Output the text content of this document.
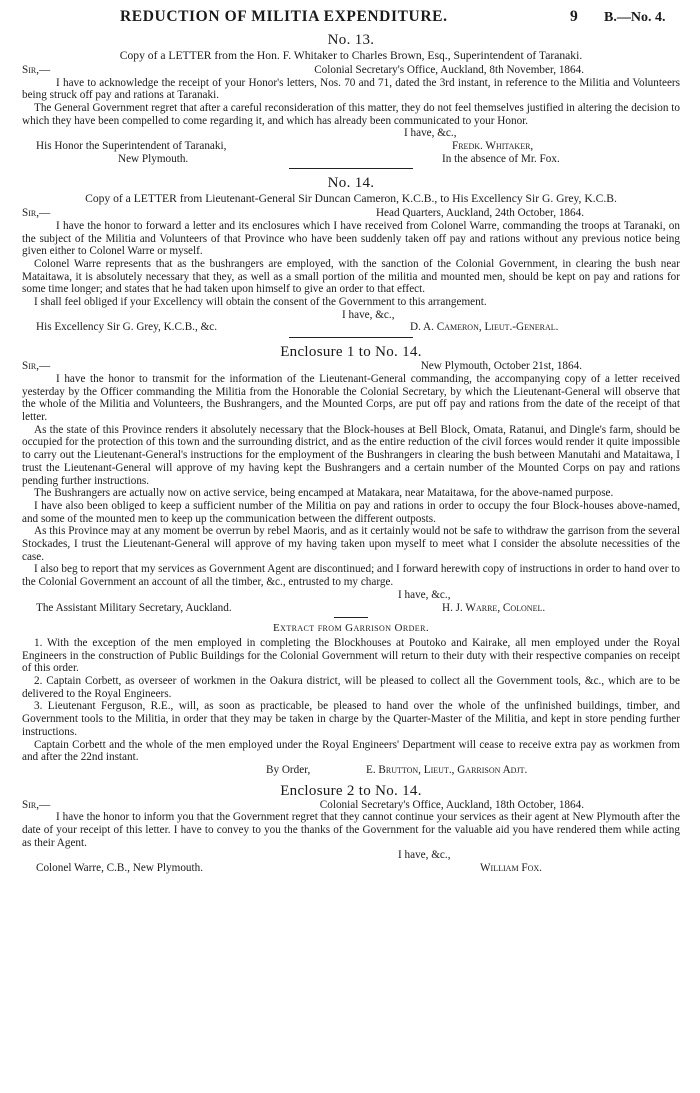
REDUCTION OF MILITIA EXPENDITURE.	9 B.—No. 4.
No. 13.
Copy of a LETTER from the Hon. F. Whitaker to Charles Brown, Esq., Superintendent of Taranaki.
Sir,—	Colonial Secretary's Office, Auckland, 8th November, 1864.

I have to acknowledge the receipt of your Honor's letters, Nos. 70 and 71, dated the 3rd instant, in reference to the Militia and Volunteers being struck off pay and rations at Taranaki.

The General Government regret that after a careful reconsideration of this matter, they do not feel themselves justified in altering the decision to which they have been compelled to come regarding it, and which has already been communicated to your Honor.

I have, &c.,
His Honor the Superintendent of Taranaki,	Fredk. Whitaker,
New Plymouth.	In the absence of Mr. Fox.
No. 14.
Copy of a LETTER from Lieutenant-General Sir Duncan Cameron, K.C.B., to His Excellency Sir G. Grey, K.C.B.
Sir,—	Head Quarters, Auckland, 24th October, 1864.

I have the honor to forward a letter and its enclosures which I have received from Colonel Warre, commanding the troops at Taranaki, on the subject of the Militia and Volunteers of that Province who have been suddenly taken off pay and rations without any previous notice being given either to Colonel Warre or myself.

Colonel Warre represents that as the bushrangers are employed, with the sanction of the Colonial Government, in clearing the bush near Mataitawa, it is absolutely necessary that they, as well as a small portion of the militia and mounted men, should be kept on pay and rations for some time longer; and states that he had taken upon himself to give an order to that effect.

I shall feel obliged if your Excellency will obtain the consent of the Government to this arrangement.

I have, &c.,
His Excellency Sir G. Grey, K.C.B., &c.	D. A. Cameron, Lieut.-General.
Enclosure 1 to No. 14.
Sir,—	New Plymouth, October 21st, 1864.

I have the honor to transmit for the information of the Lieutenant-General commanding, the accompanying copy of a letter received yesterday by the Officer commanding the Militia from the Honorable the Colonial Secretary, by which the Lieutenant-General will observe that the whole of the Militia and Volunteers, the Bushrangers, and the Mounted Corps, are put off pay and rations from the date of the receipt of that letter.

As the state of this Province renders it absolutely necessary that the Block-houses at Bell Block, Omata, Ratanui, and Dingle's farm, should be occupied for the protection of this town and the surrounding district, and as the entire reduction of the civil forces would render it quite impossible to carry out the Lieutenant-General's instructions for the employment of the Bushrangers in clearing the bush between Manutahi and Mataitawa, I trust the Lieutenant-General will approve of my having kept the Bushrangers and a certain number of the Mounted Corps on pay and rations pending further instructions.

The Bushrangers are actually now on active service, being encamped at Matakara, near Mataitawa, for the above-named purpose.

I have also been obliged to keep a sufficient number of the Militia on pay and rations in order to occupy the four Block-houses above-named, and some of the mounted men to keep up the communication between the different outposts.

As this Province may at any moment be overrun by rebel Maoris, and as it certainly would not be safe to withdraw the garrison from the several Stockades, I trust the Lieutenant-General will approve of my having taken upon myself to meet what I consider the absolute necessities of the case.

I also beg to report that my services as Government Agent are discontinued; and I forward herewith copy of instructions in order to hand over to the Colonial Government an account of all the timber, &c., entrusted to my charge.

I have, &c.,
The Assistant Military Secretary, Auckland.	H. J. Warre, Colonel.
Extract from Garrison Order.

1. With the exception of the men employed in completing the Blockhouses at Poutoko and Kairake, all men employed under the Royal Engineers in the construction of Public Buildings for the Colonial Government will return to their duty with their respective companies on receipt of this order.

2. Captain Corbett, as overseer of workmen in the Oakura district, will be pleased to collect all the Government tools, &c., which are to be delivered to the Royal Engineers.

3. Lieutenant Ferguson, R.E., will, as soon as practicable, be pleased to hand over the whole of the unfinished buildings, timber, and Government tools to the Militia, in order that they may be taken in charge by the Quarter-Master of the Militia, and kept in store pending further instructions.

Captain Corbett and the whole of the men employed under the Royal Engineers' Department will cease to receive extra pay as workmen from and after the 22nd instant.

By Order,	E. Brutton, Lieut., Garrison Adjt.
Enclosure 2 to No. 14.
Sir,—	Colonial Secretary's Office, Auckland, 18th October, 1864.

I have the honor to inform you that the Government regret that they cannot continue your services as their agent at New Plymouth after the date of your receipt of this letter. I have to convey to you the thanks of the Government for the valuable aid you have rendered them while acting as their Agent.

I have, &c.,
Colonel Warre, C.B., New Plymouth.	William Fox.
